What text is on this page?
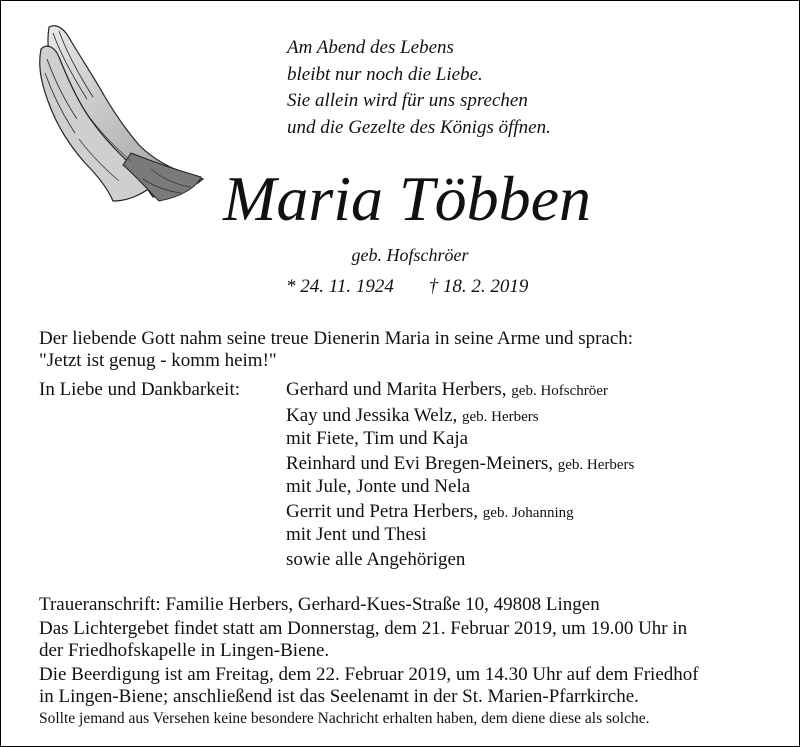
Am Abend des Lebens
bleibt nur noch die Liebe.
Sie allein wird für uns sprechen
und die Gezelte des Königs öffnen.
Maria Többen
geb. Hofschröer
* 24. 11. 1924 † 18. 2. 2019
Der liebende Gott nahm seine treue Dienerin Maria in seine Arme und sprach:
"Jetzt ist genug - komm heim!"
In Liebe und Dankbarkeit: Gerhard und Marita Herbers, geb. Hofschröer
Kay und Jessika Welz, geb. Herbers
mit Fiete, Tim und Kaja
Reinhard und Evi Bregen-Meiners, geb. Herbers
mit Jule, Jonte und Nela
Gerrit und Petra Herbers, geb. Johanning
mit Jent und Thesi
sowie alle Angehörigen
Traueranschrift: Familie Herbers, Gerhard-Kues-Straße 10, 49808 Lingen
Das Lichtergebet findet statt am Donnerstag, dem 21. Februar 2019, um 19.00 Uhr in
der Friedhofskapelle in Lingen-Biene.
Die Beerdigung ist am Freitag, dem 22. Februar 2019, um 14.30 Uhr auf dem Friedhof
in Lingen-Biene; anschließend ist das Seelenamt in der St. Marien-Pfarrkirche.
Sollte jemand aus Versehen keine besondere Nachricht erhalten haben, dem diene diese als solche.
